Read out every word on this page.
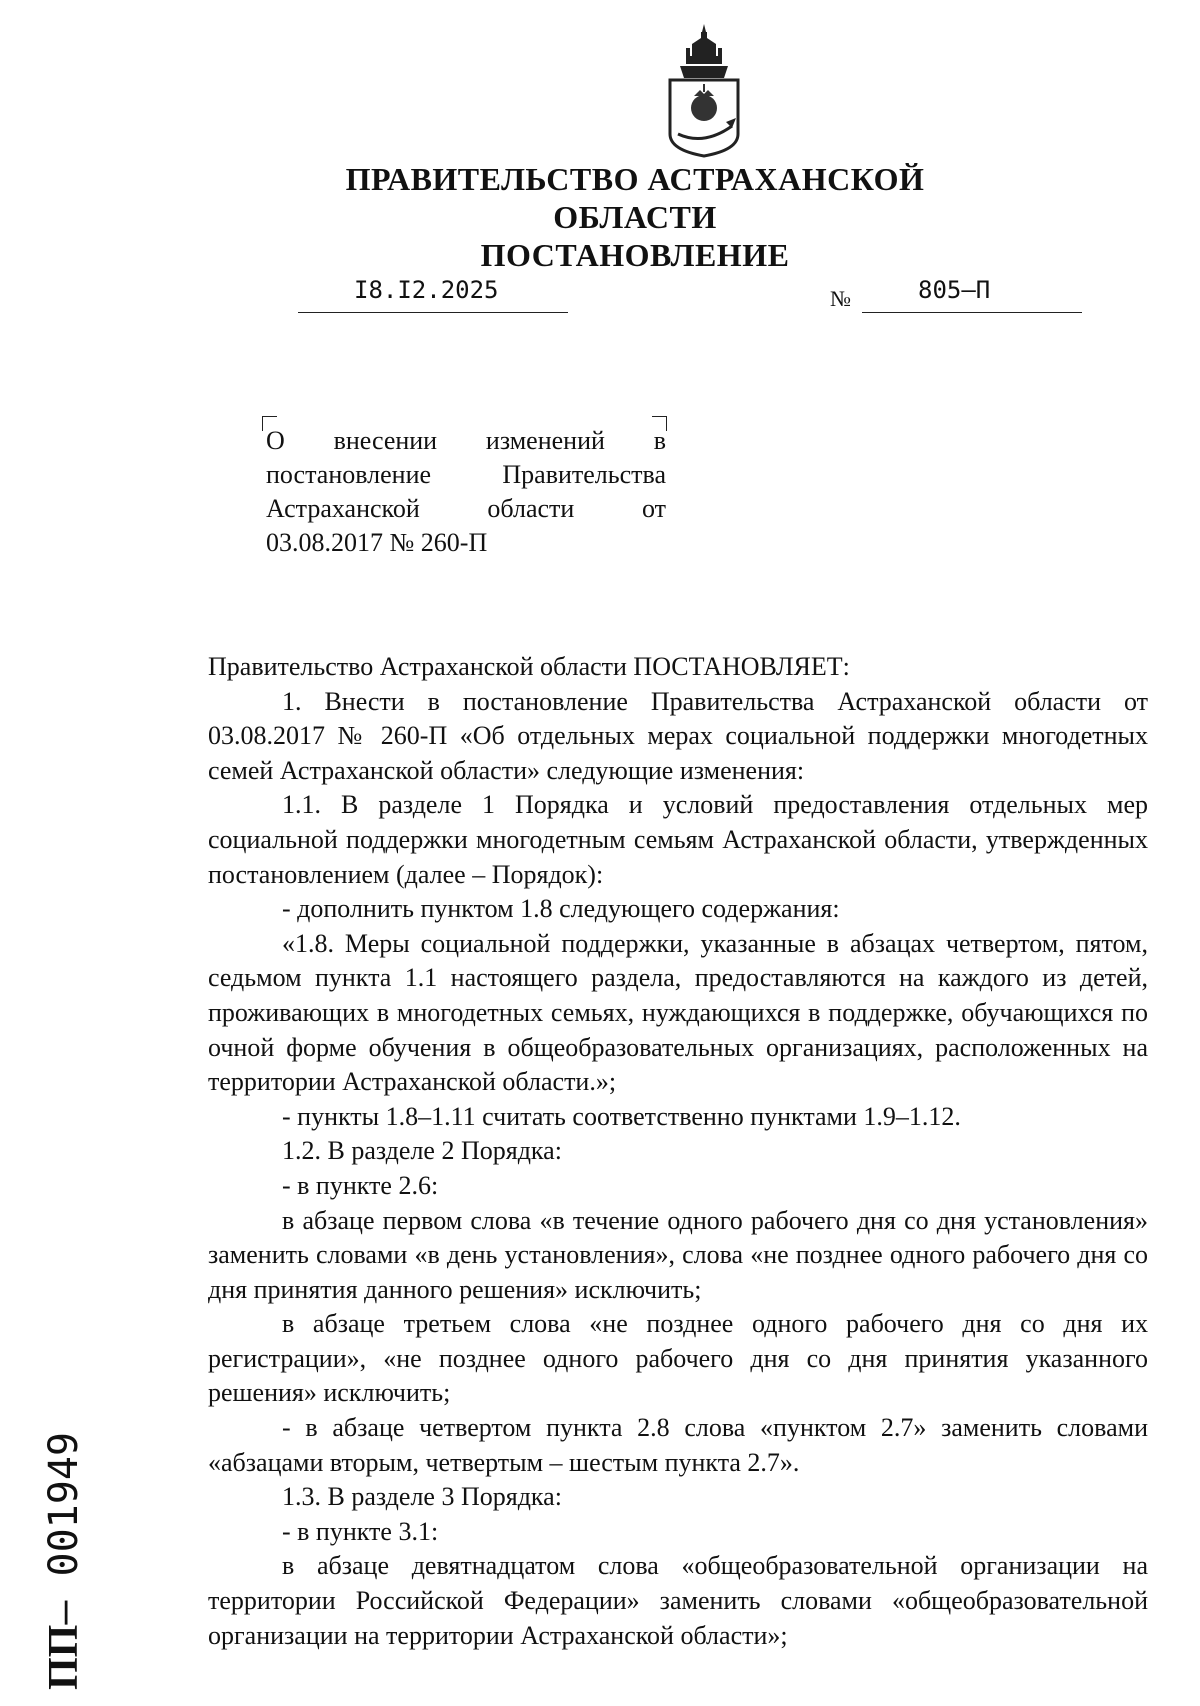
ПРАВИТЕЛЬСТВО АСТРАХАНСКОЙ ОБЛАСТИ
ПОСТАНОВЛЕНИЕ
I8.I2.2025	№	805–П
О внесении изменений в постановление Правительства Астраханской области от 03.08.2017 № 260-П

Правительство Астраханской области ПОСТАНОВЛЯЕТ:

1. Внести в постановление Правительства Астраханской области от 03.08.2017 № 260-П «Об отдельных мерах социальной поддержки многодетных семей Астраханской области» следующие изменения:

1.1. В разделе 1 Порядка и условий предоставления отдельных мер социальной поддержки многодетным семьям Астраханской области, утвержденных постановлением (далее – Порядок):

- дополнить пунктом 1.8 следующего содержания:

«1.8. Меры социальной поддержки, указанные в абзацах четвертом, пятом, седьмом пункта 1.1 настоящего раздела, предоставляются на каждого из детей, проживающих в многодетных семьях, нуждающихся в поддержке, обучающихся по очной форме обучения в общеобразовательных организациях, расположенных на территории Астраханской области.»;

- пункты 1.8–1.11 считать соответственно пунктами 1.9–1.12.

1.2. В разделе 2 Порядка:

- в пункте 2.6:

в абзаце первом слова «в течение одного рабочего дня со дня установления» заменить словами «в день установления», слова «не позднее одного рабочего дня со дня принятия данного решения» исключить;

в абзаце третьем слова «не позднее одного рабочего дня со дня их регистрации», «не позднее одного рабочего дня со дня принятия указанного решения» исключить;

- в абзаце четвертом пункта 2.8 слова «пунктом 2.7» заменить словами «абзацами вторым, четвертым – шестым пункта 2.7».

1.3. В разделе 3 Порядка:

- в пункте 3.1:

в абзаце девятнадцатом слова «общеобразовательной организации на территории Российской Федерации» заменить словами «общеобразовательной организации на территории Астраханской области»;

ПП– 001949
